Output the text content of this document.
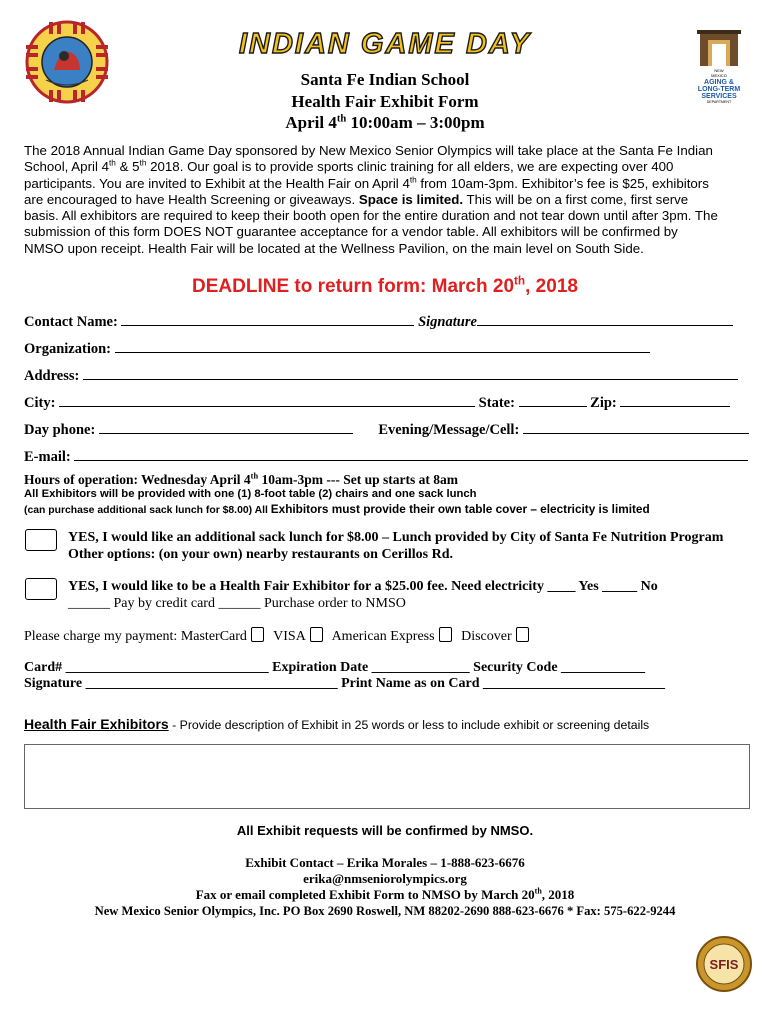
NEW
MEXICO
AGING &
LONG-TERM
SERVICES
DEPARTMENT
INDIAN GAME DAY
Santa Fe Indian School
Health Fair Exhibit Form
April 4th 10:00am – 3:00pm
The 2018 Annual Indian Game Day sponsored by New Mexico Senior Olympics will take place at the Santa Fe Indian
School, April 4th & 5th 2018. Our goal is to provide sports clinic training for all elders, we are expecting over 400
participants. You are invited to Exhibit at the Health Fair on April 4th from 10am-3pm. Exhibitor’s fee is $25, exhibitors
are encouraged to have Health Screening or giveaways. Space is limited. This will be on a first come, first serve
basis. All exhibitors are required to keep their booth open for the entire duration and not tear down until after 3pm. The
submission of this form DOES NOT guarantee acceptance for a vendor table. All exhibitors will be confirmed by
NMSO upon receipt. Health Fair will be located at the Wellness Pavilion, on the main level on South Side.
DEADLINE to return form: March 20th, 2018
Contact Name:	Signature
Organization:
Address:
City:	State:	Zip:
Day phone:	Evening/Message/Cell:
E-mail:
Hours of operation: Wednesday April 4th 10am-3pm --- Set up starts at 8am
All Exhibitors will be provided with one (1) 8-foot table (2) chairs and one sack lunch
(can purchase additional sack lunch for $8.00) All Exhibitors must provide their own table cover – electricity is limited
YES, I would like an additional sack lunch for $8.00 – Lunch provided by City of Santa Fe Nutrition Program
Other options: (on your own) nearby restaurants on Cerillos Rd.
YES, I would like to be a Health Fair Exhibitor for a $25.00 fee. Need electricity ____ Yes _____ No
______ Pay by credit card ______ Purchase order to NMSO
Please charge my payment: MasterCard VISA American Express Discover
Card# _____________________________ Expiration Date ______________ Security Code ____________
Signature ____________________________________ Print Name as on Card __________________________
Health Fair Exhibitors - Provide description of Exhibit in 25 words or less to include exhibit or screening details
All Exhibit requests will be confirmed by NMSO.
Exhibit Contact – Erika Morales – 1-888-623-6676
erika@nmseniorolympics.org
Fax or email completed Exhibit Form to NMSO by March 20th, 2018
New Mexico Senior Olympics, Inc. PO Box 2690 Roswell, NM 88202-2690 888-623-6676 * Fax: 575-622-9244
SFIS
